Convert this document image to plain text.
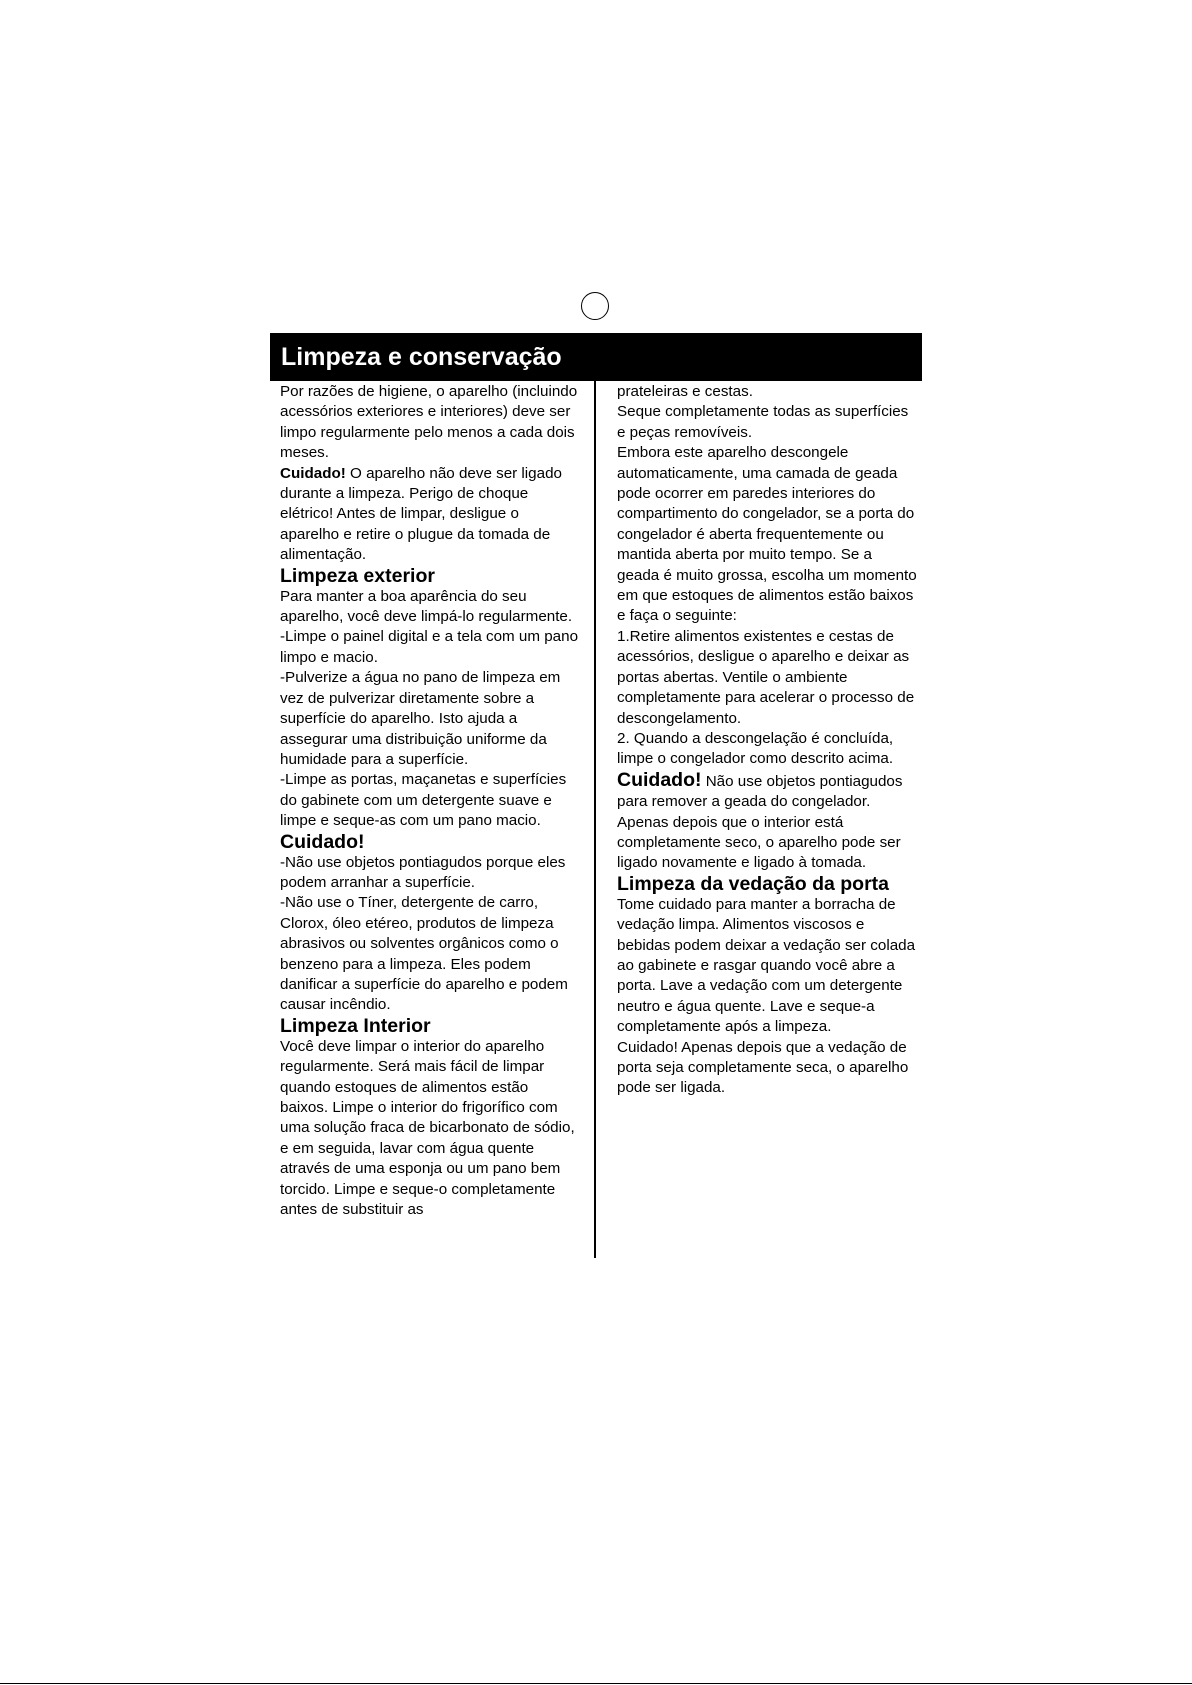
Limpeza e conservação

Por razões de higiene, o aparelho (incluindo acessórios exteriores e interiores) deve ser limpo regularmente pelo menos a cada dois meses.

Cuidado! O aparelho não deve ser ligado durante a limpeza. Perigo de choque elétrico! Antes de limpar, desligue o aparelho e retire o plugue da tomada de alimentação.

Limpeza exterior

Para manter a boa aparência do seu aparelho, você deve limpá-lo regularmente.

-Limpe o painel digital e a tela com um pano limpo e macio.

-Pulverize a água no pano de limpeza em vez de pulverizar diretamente sobre a superfície do aparelho. Isto ajuda a assegurar uma distribuição uniforme da humidade para a superfície.

-Limpe as portas, maçanetas e superfícies do gabinete com um detergente suave e limpe e seque-as com um pano macio.

Cuidado!

-Não use objetos pontiagudos porque eles podem arranhar a superfície.

-Não use o Tíner, detergente de carro, Clorox, óleo etéreo, produtos de limpeza abrasivos ou solventes orgânicos como o benzeno para a limpeza. Eles podem danificar a superfície do aparelho e podem causar incêndio.

Limpeza Interior

Você deve limpar o interior do aparelho regularmente. Será mais fácil de limpar quando estoques de alimentos estão baixos. Limpe o interior do frigorífico com uma solução fraca de bicarbonato de sódio, e em seguida, lavar com água quente através de uma esponja ou um pano bem torcido. Limpe e seque-o completamente antes de substituir as

prateleiras e cestas.

Seque completamente todas as superfícies e peças removíveis.

Embora este aparelho descongele automaticamente, uma camada de geada pode ocorrer em paredes interiores do compartimento do congelador, se a porta do congelador é aberta frequentemente ou mantida aberta por muito tempo. Se a geada é muito grossa, escolha um momento em que estoques de alimentos estão baixos e faça o seguinte:

1.Retire alimentos existentes e cestas de acessórios, desligue o aparelho e deixar as portas abertas. Ventile o ambiente completamente para acelerar o processo de descongelamento.

2. Quando a descongelação é concluída, limpe o congelador como descrito acima.

Cuidado! Não use objetos pontiagudos para remover a geada do congelador. Apenas depois que o interior está completamente seco, o aparelho pode ser ligado novamente e ligado à tomada.

Limpeza da vedação da porta

Tome cuidado para manter a borracha de vedação limpa. Alimentos viscosos e bebidas podem deixar a vedação ser colada ao gabinete e rasgar quando você abre a porta. Lave a vedação com um detergente neutro e água quente. Lave e seque-a completamente após a limpeza.

Cuidado! Apenas depois que a vedação de porta seja completamente seca, o aparelho pode ser ligada.
